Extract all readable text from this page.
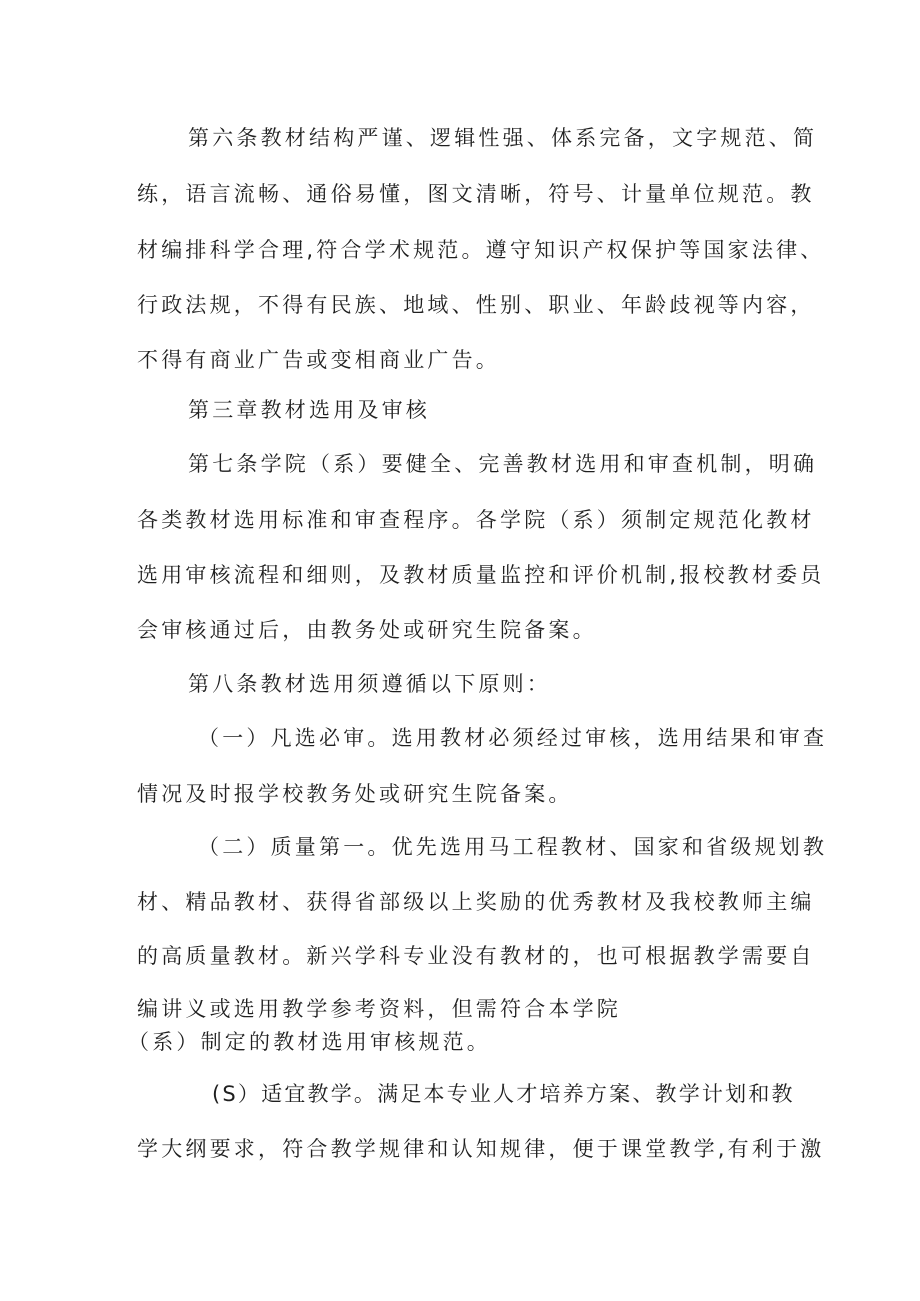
第六条教材结构严谨、逻辑性强、体系完备，文字规范、简
练，语言流畅、通俗易懂，图文清晰，符号、计量单位规范。教
材编排科学合理,符合学术规范。遵守知识产权保护等国家法律、
行政法规，不得有民族、地域、性别、职业、年龄歧视等内容，
不得有商业广告或变相商业广告。
第三章教材选用及审核
第七条学院（系）要健全、完善教材选用和审查机制，明确
各类教材选用标准和审查程序。各学院（系）须制定规范化教材
选用审核流程和细则，及教材质量监控和评价机制,报校教材委员
会审核通过后，由教务处或研究生院备案。
第八条教材选用须遵循以下原则：
（一）凡选必审。选用教材必须经过审核，选用结果和审查
情况及时报学校教务处或研究生院备案。
（二）质量第一。优先选用马工程教材、国家和省级规划教
材、精品教材、获得省部级以上奖励的优秀教材及我校教师主编
的高质量教材。新兴学科专业没有教材的，也可根据教学需要自
编讲义或选用教学参考资料，但需符合本学院
（系）制定的教材选用审核规范。
(S）适宜教学。满足本专业人才培养方案、教学计划和教
学大纲要求，符合教学规律和认知规律，便于课堂教学,有利于激
